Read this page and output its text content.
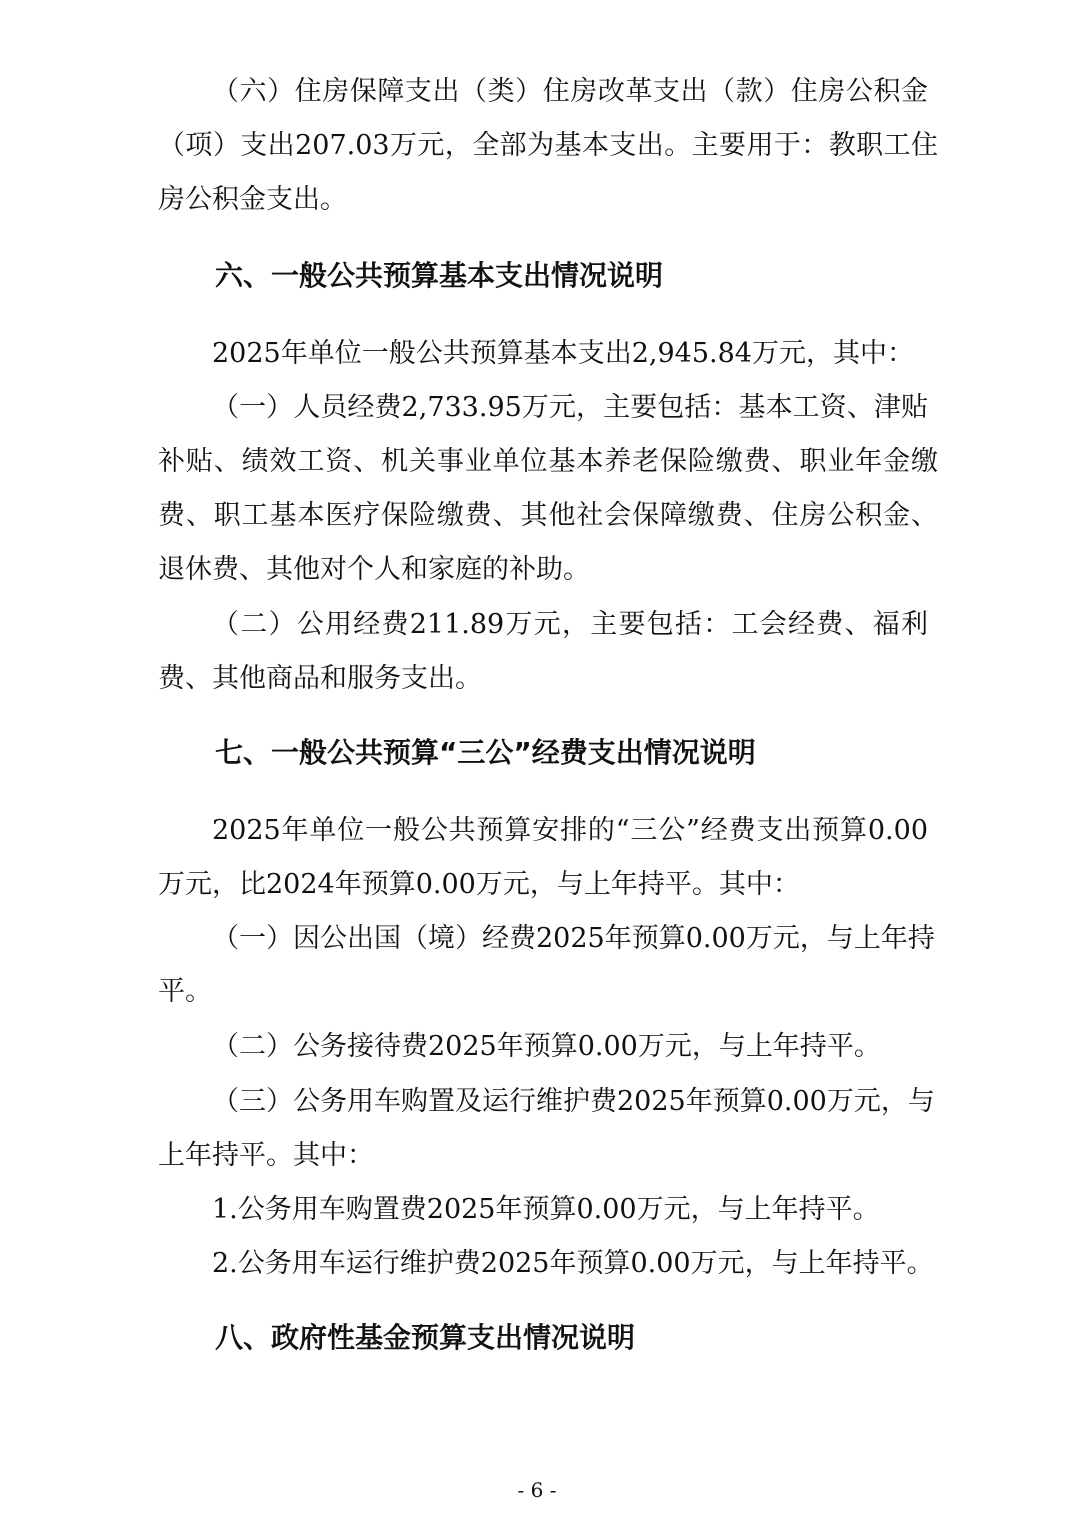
（六）住房保障支出（类）住房改革支出（款）住房公积金
（项）支出207.03万元，全部为基本支出。主要用于：教职工住
房公积金支出。
六、一般公共预算基本支出情况说明
2025年单位一般公共预算基本支出2,945.84万元，其中：
（一）人员经费2,733.95万元，主要包括：基本工资、津贴
补贴、绩效工资、机关事业单位基本养老保险缴费、职业年金缴
费、职工基本医疗保险缴费、其他社会保障缴费、住房公积金、
退休费、其他对个人和家庭的补助。
（二）公用经费211.89万元，主要包括：工会经费、福利
费、其他商品和服务支出。
七、一般公共预算“三公”经费支出情况说明
2025年单位一般公共预算安排的“三公”经费支出预算0.00
万元，比2024年预算0.00万元，与上年持平。其中：
（一）因公出国（境）经费2025年预算0.00万元，与上年持
平。
（二）公务接待费2025年预算0.00万元，与上年持平。
（三）公务用车购置及运行维护费2025年预算0.00万元，与
上年持平。其中：
1.公务用车购置费2025年预算0.00万元，与上年持平。
2.公务用车运行维护费2025年预算0.00万元，与上年持平。
八、政府性基金预算支出情况说明
- 6 -
